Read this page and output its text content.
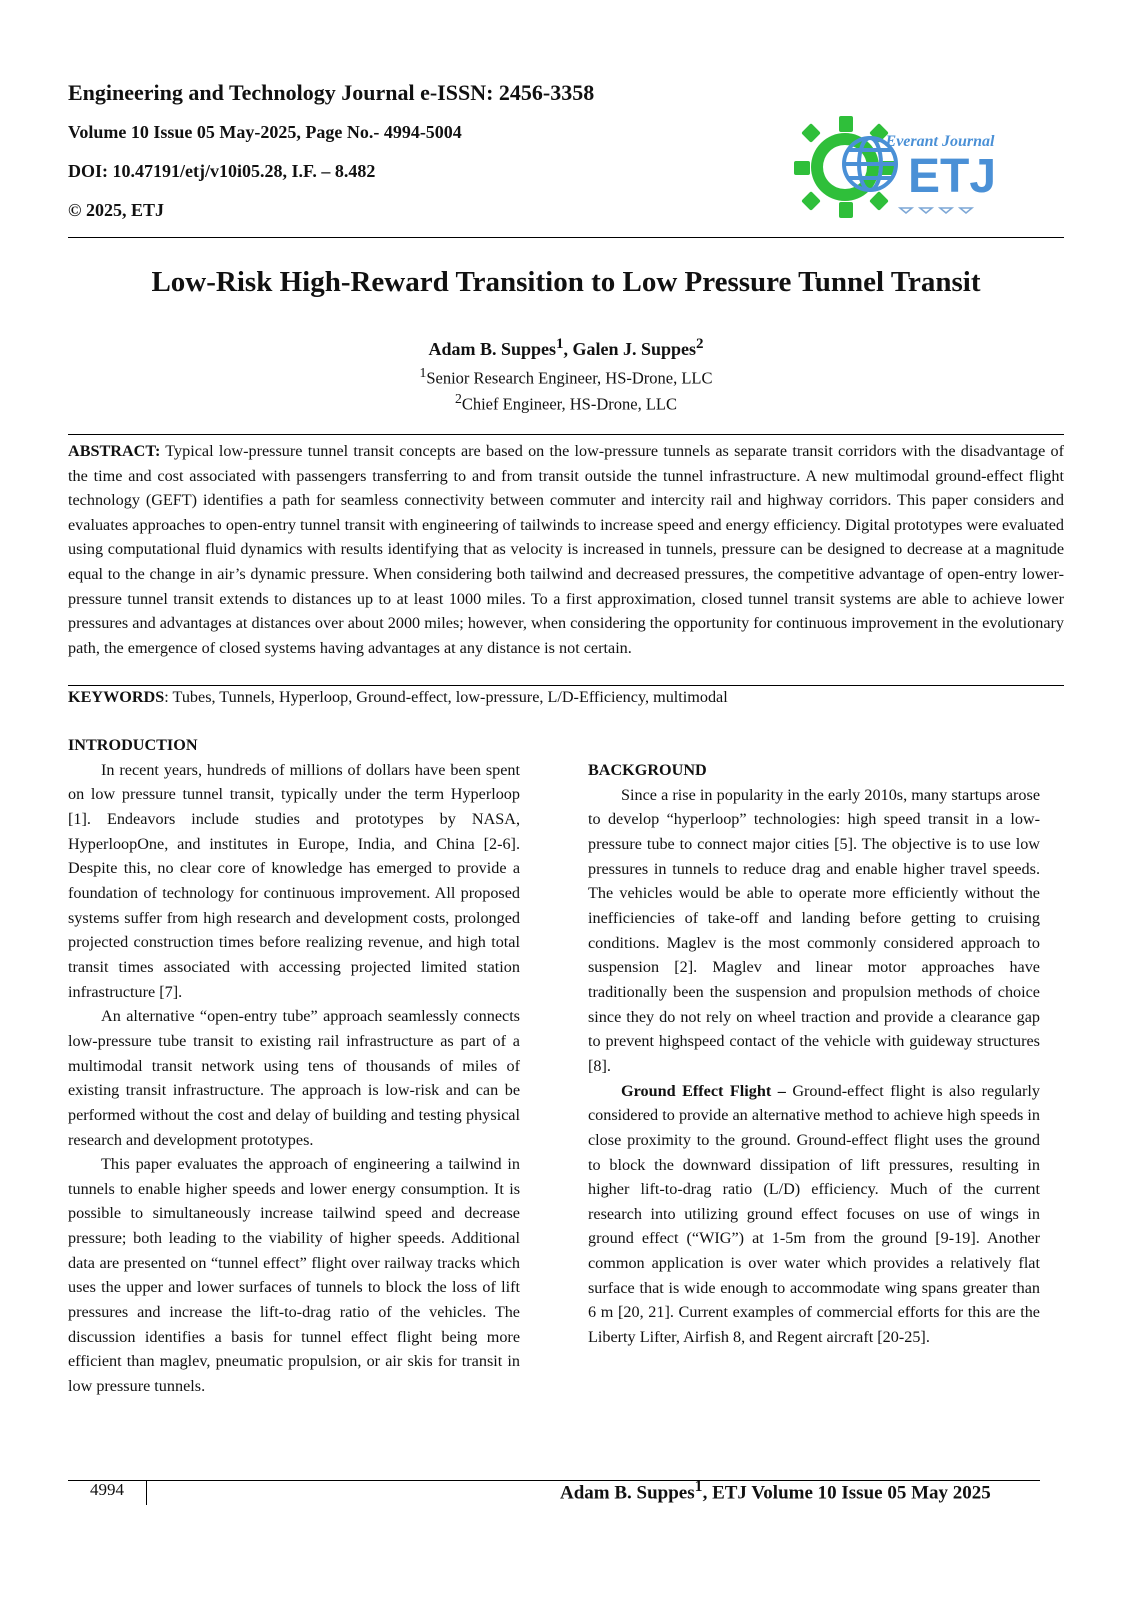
Engineering and Technology Journal e-ISSN: 2456-3358
Volume 10 Issue 05 May-2025, Page No.- 4994-5004
DOI: 10.47191/etj/v10i05.28, I.F. – 8.482
© 2025, ETJ
Everant Journal
ETJ
Low-Risk High-Reward Transition to Low Pressure Tunnel Transit
Adam B. Suppes$^1$, Galen J. Suppes$^2$
$^1$Senior Research Engineer, HS-Drone, LLC
$^2$Chief Engineer, HS-Drone, LLC
ABSTRACT: Typical low-pressure tunnel transit concepts are based on the low-pressure tunnels as separate transit corridors with the disadvantage of the time and cost associated with passengers transferring to and from transit outside the tunnel infrastructure. A new multimodal ground-effect flight technology (GEFT) identifies a path for seamless connectivity between commuter and intercity rail and highway corridors. This paper considers and evaluates approaches to open-entry tunnel transit with engineering of tailwinds to increase speed and energy efficiency. Digital prototypes were evaluated using computational fluid dynamics with results identifying that as velocity is increased in tunnels, pressure can be designed to decrease at a magnitude equal to the change in air’s dynamic pressure. When considering both tailwind and decreased pressures, the competitive advantage of open-entry lower-pressure tunnel transit extends to distances up to at least 1000 miles. To a first approximation, closed tunnel transit systems are able to achieve lower pressures and advantages at distances over about 2000 miles; however, when considering the opportunity for continuous improvement in the evolutionary path, the emergence of closed systems having advantages at any distance is not certain.
KEYWORDS: Tubes, Tunnels, Hyperloop, Ground-effect, low-pressure, L/D-Efficiency, multimodal
INTRODUCTION

In recent years, hundreds of millions of dollars have been spent on low pressure tunnel transit, typically under the term Hyperloop [1]. Endeavors include studies and prototypes by NASA, HyperloopOne, and institutes in Europe, India, and China [2-6]. Despite this, no clear core of knowledge has emerged to provide a foundation of technology for continuous improvement. All proposed systems suffer from high research and development costs, prolonged projected construction times before realizing revenue, and high total transit times associated with accessing projected limited station infrastructure [7].

An alternative “open-entry tube” approach seamlessly connects low-pressure tube transit to existing rail infrastructure as part of a multimodal transit network using tens of thousands of miles of existing transit infrastructure. The approach is low-risk and can be performed without the cost and delay of building and testing physical research and development prototypes.

This paper evaluates the approach of engineering a tailwind in tunnels to enable higher speeds and lower energy consumption. It is possible to simultaneously increase tailwind speed and decrease pressure; both leading to the viability of higher speeds. Additional data are presented on “tunnel effect” flight over railway tracks which uses the upper and lower surfaces of tunnels to block the loss of lift pressures and increase the lift-to-drag ratio of the vehicles. The discussion identifies a basis for tunnel effect flight being more efficient than maglev, pneumatic propulsion, or air skis for transit in low pressure tunnels.

BACKGROUND

Since a rise in popularity in the early 2010s, many startups arose to develop “hyperloop” technologies: high speed transit in a low-pressure tube to connect major cities [5]. The objective is to use low pressures in tunnels to reduce drag and enable higher travel speeds. The vehicles would be able to operate more efficiently without the inefficiencies of take-off and landing before getting to cruising conditions. Maglev is the most commonly considered approach to suspension [2]. Maglev and linear motor approaches have traditionally been the suspension and propulsion methods of choice since they do not rely on wheel traction and provide a clearance gap to prevent highspeed contact of the vehicle with guideway structures [8].

Ground Effect Flight – Ground-effect flight is also regularly considered to provide an alternative method to achieve high speeds in close proximity to the ground. Ground-effect flight uses the ground to block the downward dissipation of lift pressures, resulting in higher lift-to-drag ratio (L/D) efficiency. Much of the current research into utilizing ground effect focuses on use of wings in ground effect (“WIG”) at 1-5m from the ground [9-19]. Another common application is over water which provides a relatively flat surface that is wide enough to accommodate wing spans greater than 6 m [20, 21]. Current examples of commercial efforts for this are the Liberty Lifter, Airfish 8, and Regent aircraft [20-25].

4994	Adam B. Suppes$^1$, ETJ Volume 10 Issue 05 May 2025
